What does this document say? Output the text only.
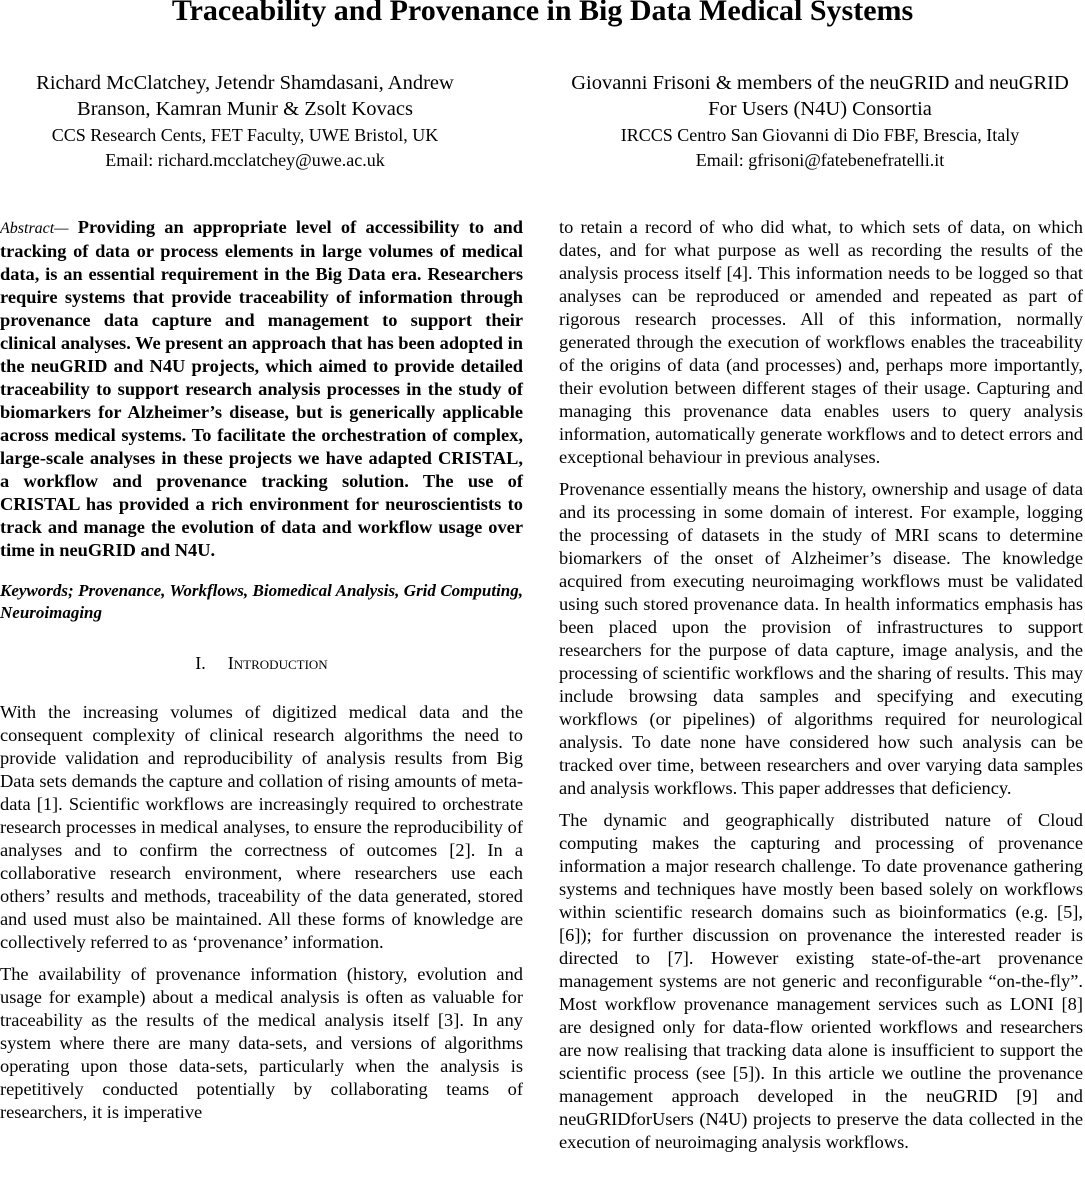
Traceability and Provenance in Big Data Medical Systems
Richard McClatchey, Jetendr Shamdasani, Andrew Branson, Kamran Munir & Zsolt Kovacs
CCS Research Cents, FET Faculty, UWE Bristol, UK
Email: richard.mcclatchey@uwe.ac.uk
Giovanni Frisoni & members of the neuGRID and neuGRID For Users (N4U) Consortia
IRCCS Centro San Giovanni di Dio FBF, Brescia, Italy
Email: gfrisoni@fatebenefratelli.it

Abstract— Providing an appropriate level of accessibility to and tracking of data or process elements in large volumes of medical data, is an essential requirement in the Big Data era. Researchers require systems that provide traceability of information through provenance data capture and management to support their clinical analyses. We present an approach that has been adopted in the neuGRID and N4U projects, which aimed to provide detailed traceability to support research analysis processes in the study of biomarkers for Alzheimer’s disease, but is generically applicable across medical systems. To facilitate the orchestration of complex, large-scale analyses in these projects we have adapted CRISTAL, a workflow and provenance tracking solution. The use of CRISTAL has provided a rich environment for neuroscientists to track and manage the evolution of data and workflow usage over time in neuGRID and N4U.

Keywords; Provenance, Workflows, Biomedical Analysis, Grid Computing, Neuroimaging

I. Introduction

With the increasing volumes of digitized medical data and the consequent complexity of clinical research algorithms the need to provide validation and reproducibility of analysis results from Big Data sets demands the capture and collation of rising amounts of meta-data [1]. Scientific workflows are increasingly required to orchestrate research processes in medical analyses, to ensure the reproducibility of analyses and to confirm the correctness of outcomes [2]. In a collaborative research environment, where researchers use each others’ results and methods, traceability of the data generated, stored and used must also be maintained. All these forms of knowledge are collectively referred to as ‘provenance’ information.

The availability of provenance information (history, evolution and usage for example) about a medical analysis is often as valuable for traceability as the results of the medical analysis itself [3]. In any system where there are many data-sets, and versions of algorithms operating upon those data-sets, particularly when the analysis is repetitively conducted potentially by collaborating teams of researchers, it is imperative

to retain a record of who did what, to which sets of data, on which dates, and for what purpose as well as recording the results of the analysis process itself [4]. This information needs to be logged so that analyses can be reproduced or amended and repeated as part of rigorous research processes. All of this information, normally generated through the execution of workflows enables the traceability of the origins of data (and processes) and, perhaps more importantly, their evolution between different stages of their usage. Capturing and managing this provenance data enables users to query analysis information, automatically generate workflows and to detect errors and exceptional behaviour in previous analyses.

Provenance essentially means the history, ownership and usage of data and its processing in some domain of interest. For example, logging the processing of datasets in the study of MRI scans to determine biomarkers of the onset of Alzheimer’s disease. The knowledge acquired from executing neuroimaging workflows must be validated using such stored provenance data. In health informatics emphasis has been placed upon the provision of infrastructures to support researchers for the purpose of data capture, image analysis, and the processing of scientific workflows and the sharing of results. This may include browsing data samples and specifying and executing workflows (or pipelines) of algorithms required for neurological analysis. To date none have considered how such analysis can be tracked over time, between researchers and over varying data samples and analysis workflows. This paper addresses that deficiency.

The dynamic and geographically distributed nature of Cloud computing makes the capturing and processing of provenance information a major research challenge. To date provenance gathering systems and techniques have mostly been based solely on workflows within scientific research domains such as bioinformatics (e.g. [5], [6]); for further discussion on provenance the interested reader is directed to [7]. However existing state-of-the-art provenance management systems are not generic and reconfigurable “on-the-fly”. Most workflow provenance management services such as LONI [8] are designed only for data-flow oriented workflows and researchers are now realising that tracking data alone is insufficient to support the scientific process (see [5]). In this article we outline the provenance management approach developed in the neuGRID [9] and neuGRIDforUsers (N4U) projects to preserve the data collected in the execution of neuroimaging analysis workflows.
